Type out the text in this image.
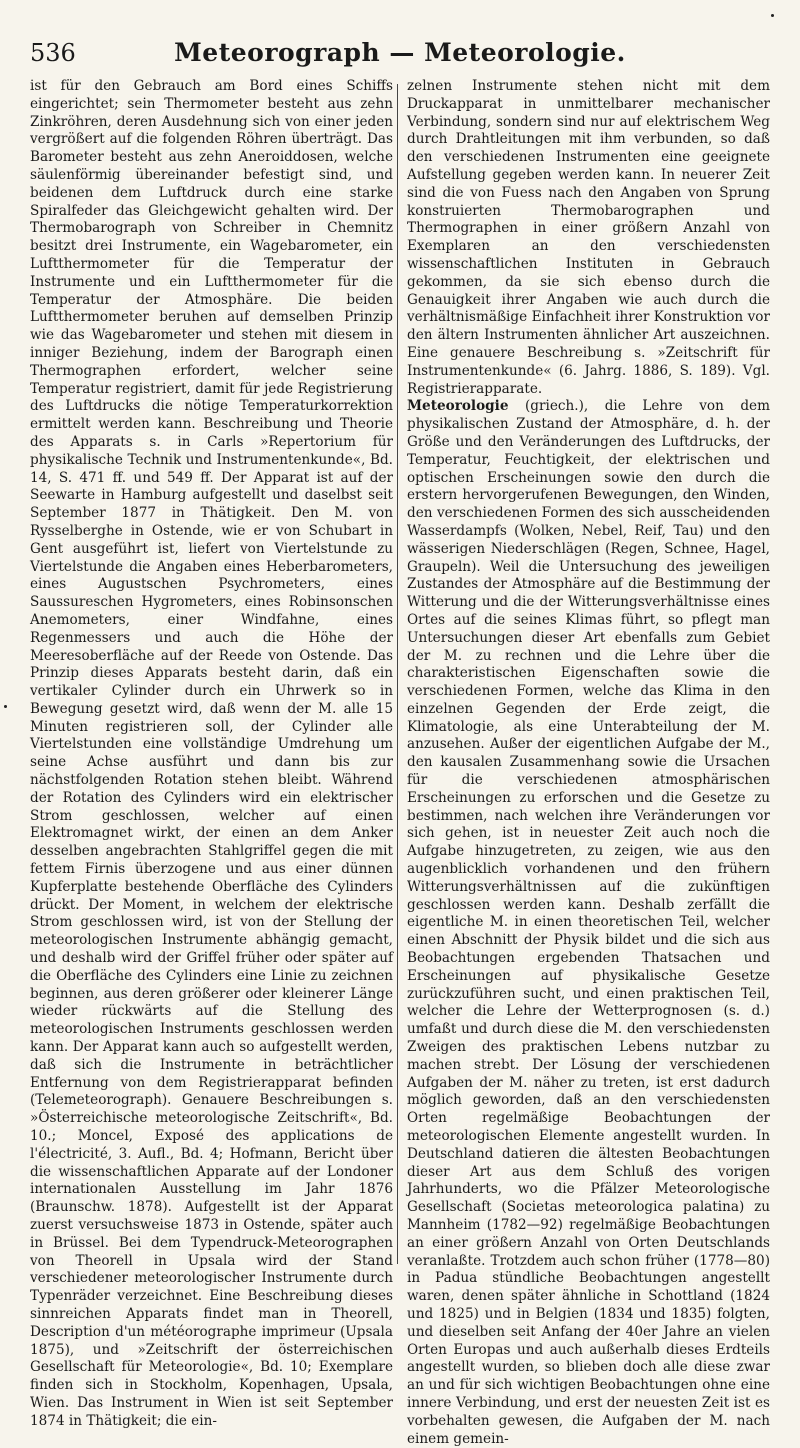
536	Meteorograph — Meteorologie.

ist für den Gebrauch am Bord eines Schiffs eingerichtet; sein Thermometer besteht aus zehn Zinkröhren, deren Ausdehnung sich von einer jeden vergrößert auf die folgenden Röhren überträgt. Das Barometer besteht aus zehn Aneroiddosen, welche säulenförmig übereinander befestigt sind, und beidenen dem Luftdruck durch eine starke Spiralfeder das Gleichgewicht gehalten wird. Der Thermobarograph von Schreiber in Chemnitz besitzt drei Instrumente, ein Wagebarometer, ein Luftthermometer für die Temperatur der Instrumente und ein Luftthermometer für die Temperatur der Atmosphäre. Die beiden Luftthermometer beruhen auf demselben Prinzip wie das Wagebarometer und stehen mit diesem in inniger Beziehung, indem der Barograph einen Thermographen erfordert, welcher seine Temperatur registriert, damit für jede Registrierung des Luftdrucks die nötige Temperaturkorrektion ermittelt werden kann. Beschreibung und Theorie des Apparats s. in Carls »Repertorium für physikalische Technik und Instrumentenkunde«, Bd. 14, S. 471 ff. und 549 ff. Der Apparat ist auf der Seewarte in Hamburg aufgestellt und daselbst seit September 1877 in Thätigkeit. Den M. von Rysselberghe in Ostende, wie er von Schubart in Gent ausgeführt ist, liefert von Viertelstunde zu Viertelstunde die Angaben eines Heberbarometers, eines Augustschen Psychrometers, eines Saussureschen Hygrometers, eines Robinsonschen Anemometers, einer Windfahne, eines Regenmessers und auch die Höhe der Meeresoberfläche auf der Reede von Ostende. Das Prinzip dieses Apparats besteht darin, daß ein vertikaler Cylinder durch ein Uhrwerk so in Bewegung gesetzt wird, daß wenn der M. alle 15 Minuten registrieren soll, der Cylinder alle Viertelstunden eine vollständige Umdrehung um seine Achse ausführt und dann bis zur nächstfolgenden Rotation stehen bleibt. Während der Rotation des Cylinders wird ein elektrischer Strom geschlossen, welcher auf einen Elektromagnet wirkt, der einen an dem Anker desselben angebrachten Stahlgriffel gegen die mit fettem Firnis überzogene und aus einer dünnen Kupferplatte bestehende Oberfläche des Cylinders drückt. Der Moment, in welchem der elektrische Strom geschlossen wird, ist von der Stellung der meteorologischen Instrumente abhängig gemacht, und deshalb wird der Griffel früher oder später auf die Oberfläche des Cylinders eine Linie zu zeichnen beginnen, aus deren größerer oder kleinerer Länge wieder rückwärts auf die Stellung des meteorologischen Instruments geschlossen werden kann. Der Apparat kann auch so aufgestellt werden, daß sich die Instrumente in beträchtlicher Entfernung von dem Registrierapparat befinden (Telemeteorograph). Genauere Beschreibungen s. »Österreichische meteorologische Zeitschrift«, Bd. 10.; Moncel, Exposé des applications de l'électricité, 3. Aufl., Bd. 4; Hofmann, Bericht über die wissenschaftlichen Apparate auf der Londoner internationalen Ausstellung im Jahr 1876 (Braunschw. 1878). Aufgestellt ist der Apparat zuerst versuchsweise 1873 in Ostende, später auch in Brüssel. Bei dem Typendruck-Meteorographen von Theorell in Upsala wird der Stand verschiedener meteorologischer Instrumente durch Typenräder verzeichnet. Eine Beschreibung dieses sinnreichen Apparats findet man in Theorell, Description d'un météorographe imprimeur (Upsala 1875), und »Zeitschrift der österreichischen Gesellschaft für Meteorologie«, Bd. 10; Exemplare finden sich in Stockholm, Kopenhagen, Upsala, Wien. Das Instrument in Wien ist seit September 1874 in Thätigkeit; die ein-

zelnen Instrumente stehen nicht mit dem Druckapparat in unmittelbarer mechanischer Verbindung, sondern sind nur auf elektrischem Weg durch Drahtleitungen mit ihm verbunden, so daß den verschiedenen Instrumenten eine geeignete Aufstellung gegeben werden kann. In neuerer Zeit sind die von Fuess nach den Angaben von Sprung konstruierten Thermobarographen und Thermographen in einer größern Anzahl von Exemplaren an den verschiedensten wissenschaftlichen Instituten in Gebrauch gekommen, da sie sich ebenso durch die Genauigkeit ihrer Angaben wie auch durch die verhältnismäßige Einfachheit ihrer Konstruktion vor den ältern Instrumenten ähnlicher Art auszeichnen. Eine genauere Beschreibung s. »Zeitschrift für Instrumentenkunde« (6. Jahrg. 1886, S. 189). Vgl. Registrierapparate.

Meteorologie (griech.), die Lehre von dem physikalischen Zustand der Atmosphäre, d. h. der Größe und den Veränderungen des Luftdrucks, der Temperatur, Feuchtigkeit, der elektrischen und optischen Erscheinungen sowie den durch die erstern hervorgerufenen Bewegungen, den Winden, den verschiedenen Formen des sich ausscheidenden Wasserdampfs (Wolken, Nebel, Reif, Tau) und den wässerigen Niederschlägen (Regen, Schnee, Hagel, Graupeln). Weil die Untersuchung des jeweiligen Zustandes der Atmosphäre auf die Bestimmung der Witterung und die der Witterungsverhältnisse eines Ortes auf die seines Klimas führt, so pflegt man Untersuchungen dieser Art ebenfalls zum Gebiet der M. zu rechnen und die Lehre über die charakteristischen Eigenschaften sowie die verschiedenen Formen, welche das Klima in den einzelnen Gegenden der Erde zeigt, die Klimatologie, als eine Unterabteilung der M. anzusehen. Außer der eigentlichen Aufgabe der M., den kausalen Zusammenhang sowie die Ursachen für die verschiedenen atmosphärischen Erscheinungen zu erforschen und die Gesetze zu bestimmen, nach welchen ihre Veränderungen vor sich gehen, ist in neuester Zeit auch noch die Aufgabe hinzugetreten, zu zeigen, wie aus den augenblicklich vorhandenen und den frühern Witterungsverhältnissen auf die zukünftigen geschlossen werden kann. Deshalb zerfällt die eigentliche M. in einen theoretischen Teil, welcher einen Abschnitt der Physik bildet und die sich aus Beobachtungen ergebenden Thatsachen und Erscheinungen auf physikalische Gesetze zurückzuführen sucht, und einen praktischen Teil, welcher die Lehre der Wetterprognosen (s. d.) umfaßt und durch diese die M. den verschiedensten Zweigen des praktischen Lebens nutzbar zu machen strebt. Der Lösung der verschiedenen Aufgaben der M. näher zu treten, ist erst dadurch möglich geworden, daß an den verschiedensten Orten regelmäßige Beobachtungen der meteorologischen Elemente angestellt wurden. In Deutschland datieren die ältesten Beobachtungen dieser Art aus dem Schluß des vorigen Jahrhunderts, wo die Pfälzer Meteorologische Gesellschaft (Societas meteorologica palatina) zu Mannheim (1782—92) regelmäßige Beobachtungen an einer größern Anzahl von Orten Deutschlands veranlaßte. Trotzdem auch schon früher (1778—80) in Padua stündliche Beobachtungen angestellt waren, denen später ähnliche in Schottland (1824 und 1825) und in Belgien (1834 und 1835) folgten, und dieselben seit Anfang der 40er Jahre an vielen Orten Europas und auch außerhalb dieses Erdteils angestellt wurden, so blieben doch alle diese zwar an und für sich wichtigen Beobachtungen ohne eine innere Verbindung, und erst der neuesten Zeit ist es vorbehalten gewesen, die Aufgaben der M. nach einem gemein-
